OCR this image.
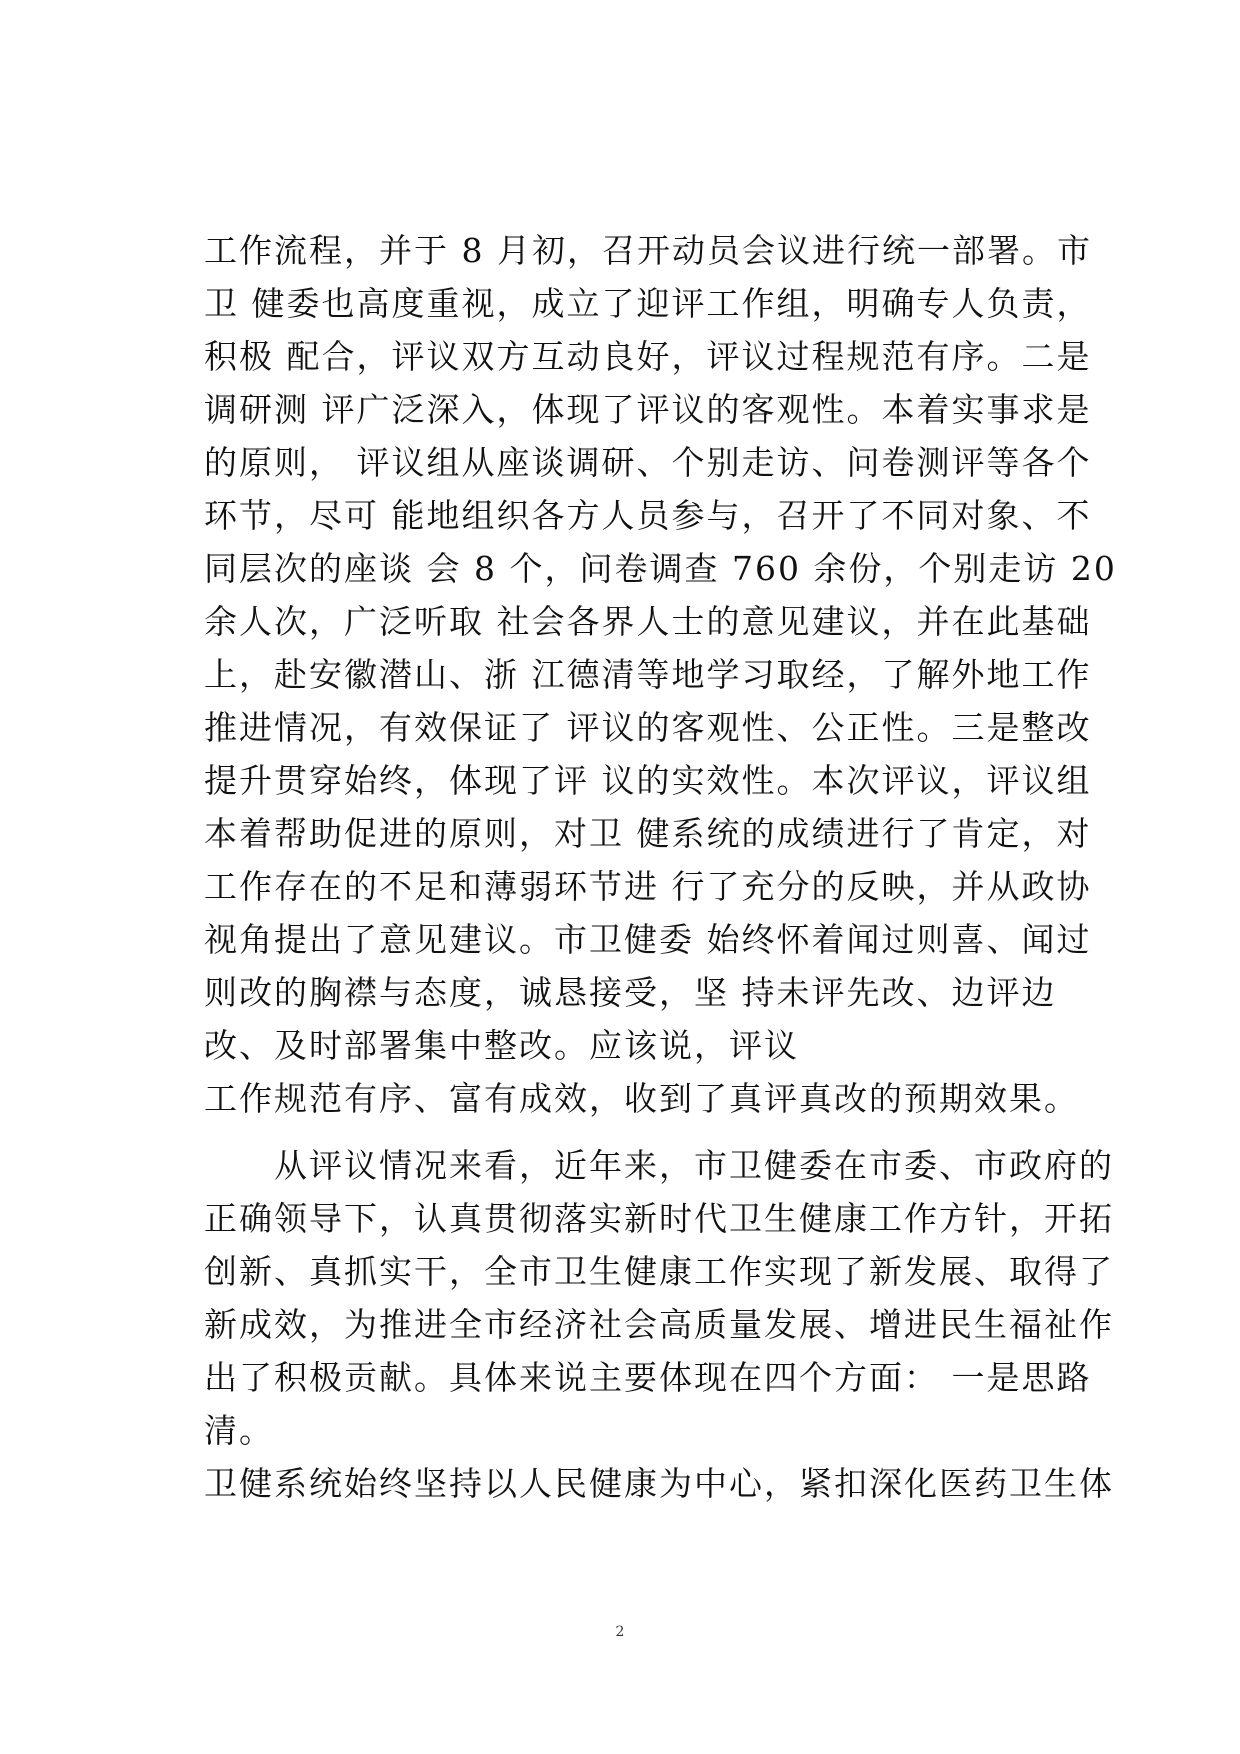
工作流程，并于 8 月初，召开动员会议进行统一部署。市
卫 健委也高度重视，成立了迎评工作组，明确专人负责，
积极 配合，评议双方互动良好，评议过程规范有序。二是
调研测 评广泛深入，体现了评议的客观性。本着实事求是
的原则， 评议组从座谈调研、个别走访、问卷测评等各个
环节，尽可 能地组织各方人员参与，召开了不同对象、不
同层次的座谈 会 8 个，问卷调查 760 余份，个别走访 20
余人次，广泛听取 社会各界人士的意见建议，并在此基础
上，赴安徽潜山、浙 江德清等地学习取经，了解外地工作
推进情况，有效保证了 评议的客观性、公正性。三是整改
提升贯穿始终，体现了评 议的实效性。本次评议，评议组
本着帮助促进的原则，对卫 健系统的成绩进行了肯定，对
工作存在的不足和薄弱环节进 行了充分的反映，并从政协
视角提出了意见建议。市卫健委 始终怀着闻过则喜、闻过
则改的胸襟与态度，诚恳接受，坚 持未评先改、边评边
改、及时部署集中整改。应该说，评议
工作规范有序、富有成效，收到了真评真改的预期效果。
　　从评议情况来看，近年来，市卫健委在市委、市政府的
正确领导下，认真贯彻落实新时代卫生健康工作方针，开拓
创新、真抓实干，全市卫生健康工作实现了新发展、取得了
新成效，为推进全市经济社会高质量发展、增进民生福祉作
出了积极贡献。具体来说主要体现在四个方面： 一是思路
清。
卫健系统始终坚持以人民健康为中心，紧扣深化医药卫生体
2
